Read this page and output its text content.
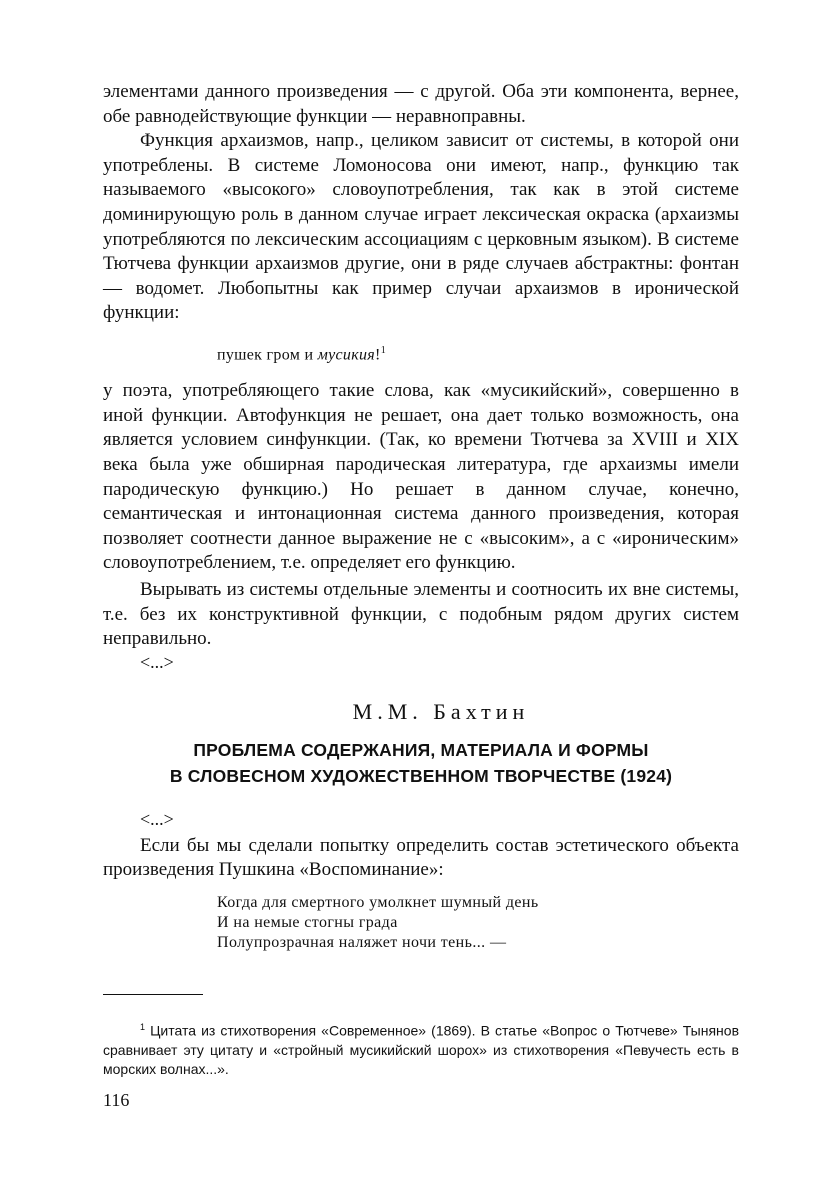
элементами данного произведения — с другой. Оба эти компонента, вернее, обе равнодействующие функции — неравноправны.

Функция архаизмов, напр., целиком зависит от системы, в которой они употреблены. В системе Ломоносова они имеют, напр., функцию так называемого «высокого» словоупотребления, так как в этой системе доминирующую роль в данном случае играет лексическая окраска (архаизмы употребляются по лексическим ассоциациям с церковным языком). В системе Тютчева функции архаизмов другие, они в ряде случаев абстрактны: фонтан — водомет. Любопытны как пример случаи архаизмов в иронической функции:

пушек гром и мусикия!$^1$

у поэта, употребляющего такие слова, как «мусикийский», совершенно в иной функции. Автофункция не решает, она дает только возможность, она является условием синфункции. (Так, ко времени Тютчева за XVIII и XIX века была уже обширная пародическая литература, где архаизмы имели пародическую функцию.) Но решает в данном случае, конечно, семантическая и интонационная система данного произведения, которая позволяет соотнести данное выражение не с «высоким», а с «ироническим» словоупотреблением, т.е. определяет его функцию.

Вырывать из системы отдельные элементы и соотносить их вне системы, т.е. без их конструктивной функции, с подобным рядом других систем неправильно.

<...>
М.М. Бахтин
ПРОБЛЕМА СОДЕРЖАНИЯ, МАТЕРИАЛА И ФОРМЫ
В СЛОВЕСНОМ ХУДОЖЕСТВЕННОМ ТВОРЧЕСТВЕ (1924)
<...>

Если бы мы сделали попытку определить состав эстетического объекта произведения Пушкина «Воспоминание»:

Когда для смертного умолкнет шумный день
И на немые стогны града
Полупрозрачная наляжет ночи тень... —
$^1$ Цитата из стихотворения «Современное» (1869). В статье «Вопрос о Тютчеве» Тынянов сравнивает эту цитату и «стройный мусикийский шорох» из стихотворения «Певучесть есть в морских волнах...».
116
